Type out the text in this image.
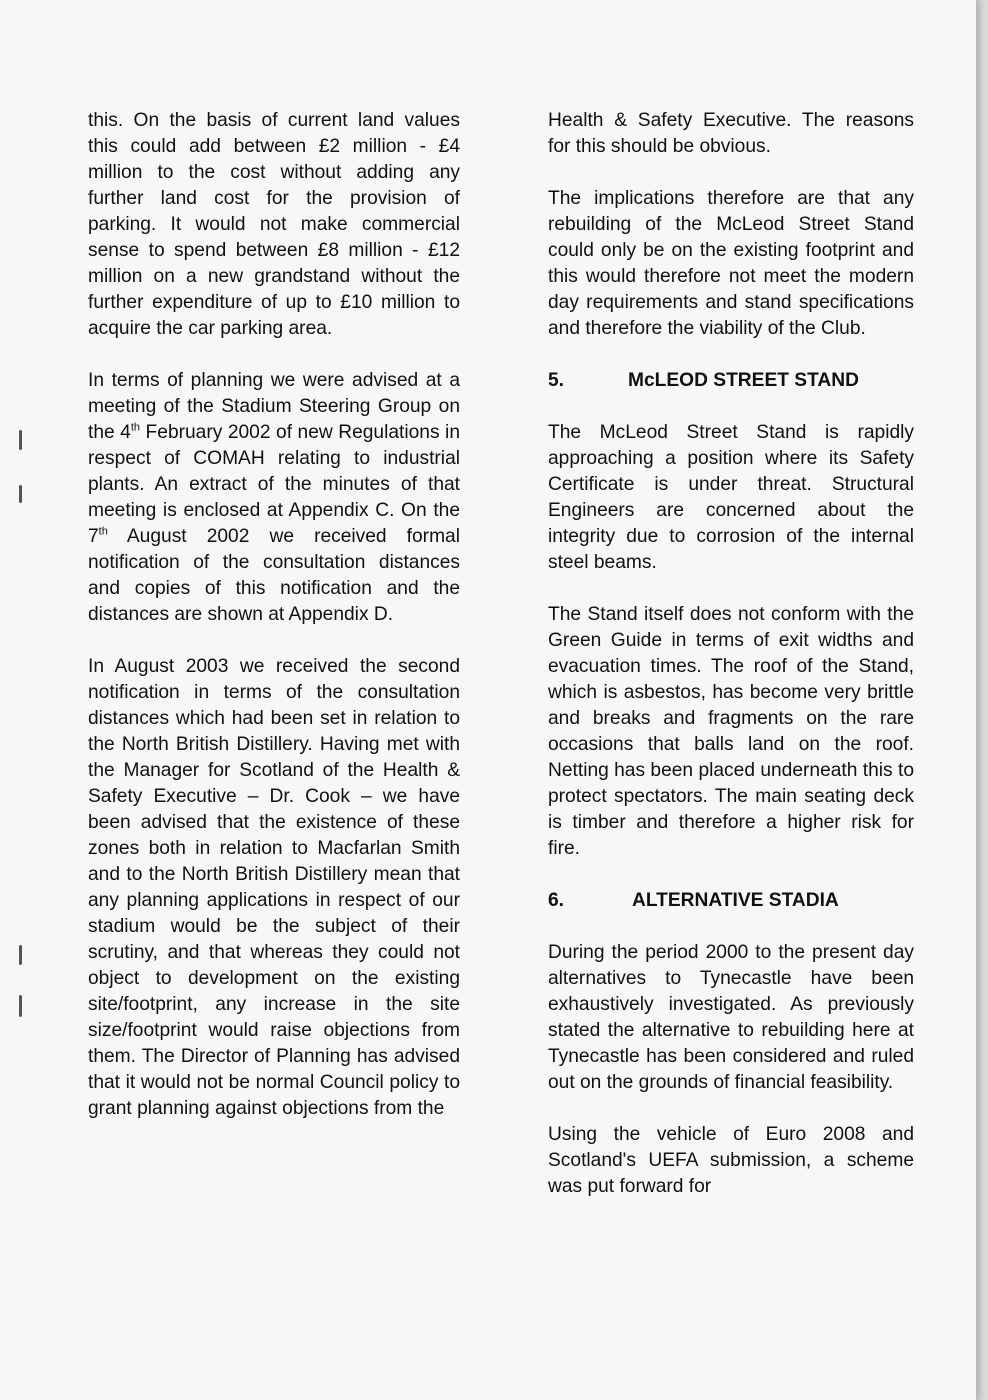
this. On the basis of current land values this could add between £2 million - £4 million to the cost without adding any further land cost for the provision of parking. It would not make commercial sense to spend between £8 million - £12 million on a new grandstand without the further expenditure of up to £10 million to acquire the car parking area.

In terms of planning we were advised at a meeting of the Stadium Steering Group on the 4th February 2002 of new Regulations in respect of COMAH relating to industrial plants. An extract of the minutes of that meeting is enclosed at Appendix C. On the 7th August 2002 we received formal notification of the consultation distances and copies of this notification and the distances are shown at Appendix D.

In August 2003 we received the second notification in terms of the consultation distances which had been set in relation to the North British Distillery. Having met with the Manager for Scotland of the Health & Safety Executive – Dr. Cook – we have been advised that the existence of these zones both in relation to Macfarlan Smith and to the North British Distillery mean that any planning applications in respect of our stadium would be the subject of their scrutiny, and that whereas they could not object to development on the existing site/footprint, any increase in the site size/footprint would raise objections from them. The Director of Planning has advised that it would not be normal Council policy to grant planning against objections from the

Health & Safety Executive. The reasons for this should be obvious.

The implications therefore are that any rebuilding of the McLeod Street Stand could only be on the existing footprint and this would therefore not meet the modern day requirements and stand specifications and therefore the viability of the Club.

5.	McLEOD STREET STAND

The McLeod Street Stand is rapidly approaching a position where its Safety Certificate is under threat. Structural Engineers are concerned about the integrity due to corrosion of the internal steel beams.

The Stand itself does not conform with the Green Guide in terms of exit widths and evacuation times. The roof of the Stand, which is asbestos, has become very brittle and breaks and fragments on the rare occasions that balls land on the roof. Netting has been placed underneath this to protect spectators. The main seating deck is timber and therefore a higher risk for fire.

6.	ALTERNATIVE STADIA

During the period 2000 to the present day alternatives to Tynecastle have been exhaustively investigated. As previously stated the alternative to rebuilding here at Tynecastle has been considered and ruled out on the grounds of financial feasibility.

Using the vehicle of Euro 2008 and Scotland's UEFA submission, a scheme was put forward for
